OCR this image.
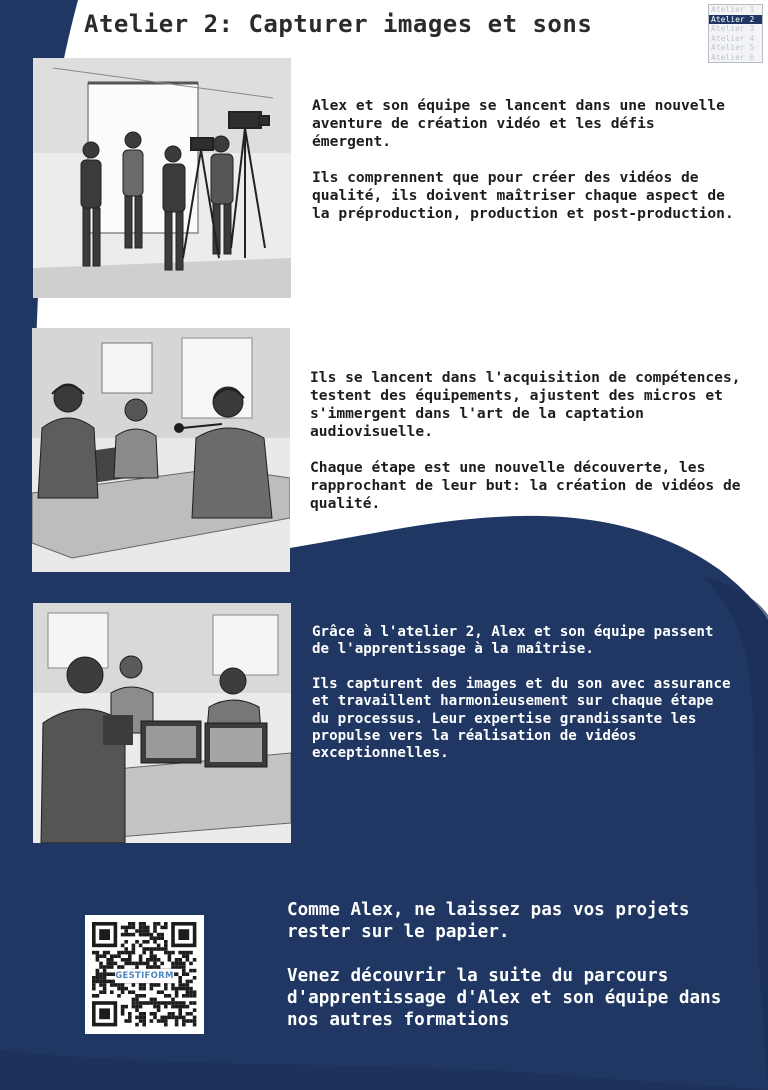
Atelier 2: Capturer images et sons
Atelier 1
Atelier 2
Atelier 3
Atelier 4
Atelier 5
Atelier 6

Alex et son équipe se lancent dans une nouvelle aventure de création vidéo et les défis émergent.

Ils comprennent que pour créer des vidéos de qualité, ils doivent maîtriser chaque aspect de la préproduction, production et post-production.

Ils se lancent dans l'acquisition de compétences, testent des équipements, ajustent des micros et s'immergent dans l'art de la captation audiovisuelle.

Chaque étape est une nouvelle découverte, les rapprochant de leur but: la création de vidéos de qualité.

Grâce à l'atelier 2, Alex et son équipe passent de l'apprentissage à la maîtrise.

Ils capturent des images et du son avec assurance et travaillent harmonieusement sur chaque étape du processus. Leur expertise grandissante les propulse vers la réalisation de vidéos exceptionnelles.

GESTIFORM

Comme Alex, ne laissez pas vos projets rester sur le papier.

Venez découvrir la suite du parcours d'apprentissage d'Alex et son équipe dans nos autres formations
